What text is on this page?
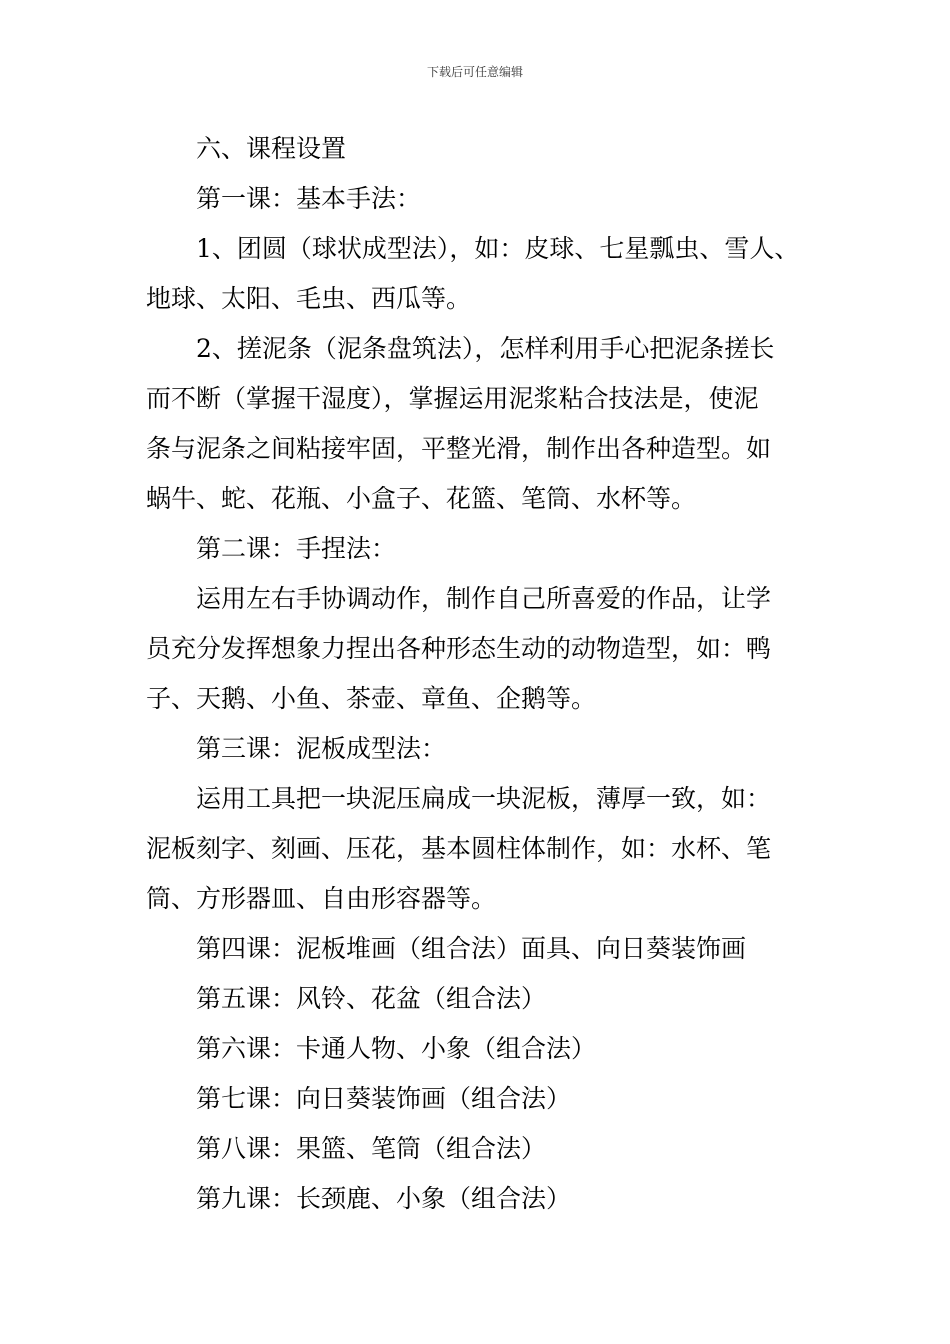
下载后可任意编辑
六、课程设置
第一课：基本手法：
1、团圆（球状成型法），如：皮球、七星瓢虫、雪人、
地球、太阳、毛虫、西瓜等。
2、搓泥条（泥条盘筑法），怎样利用手心把泥条搓长
而不断（掌握干湿度），掌握运用泥浆粘合技法是，使泥
条与泥条之间粘接牢固，平整光滑，制作出各种造型。如
蜗牛、蛇、花瓶、小盒子、花篮、笔筒、水杯等。
第二课：手捏法：
运用左右手协调动作，制作自己所喜爱的作品，让学
员充分发挥想象力捏出各种形态生动的动物造型，如：鸭
子、天鹅、小鱼、茶壶、章鱼、企鹅等。
第三课：泥板成型法：
运用工具把一块泥压扁成一块泥板，薄厚一致，如：
泥板刻字、刻画、压花，基本圆柱体制作，如：水杯、笔
筒、方形器皿、自由形容器等。
第四课：泥板堆画（组合法）面具、向日葵装饰画
第五课：风铃、花盆（组合法）
第六课：卡通人物、小象（组合法）
第七课：向日葵装饰画（组合法）
第八课：果篮、笔筒（组合法）
第九课：长颈鹿、小象（组合法）
